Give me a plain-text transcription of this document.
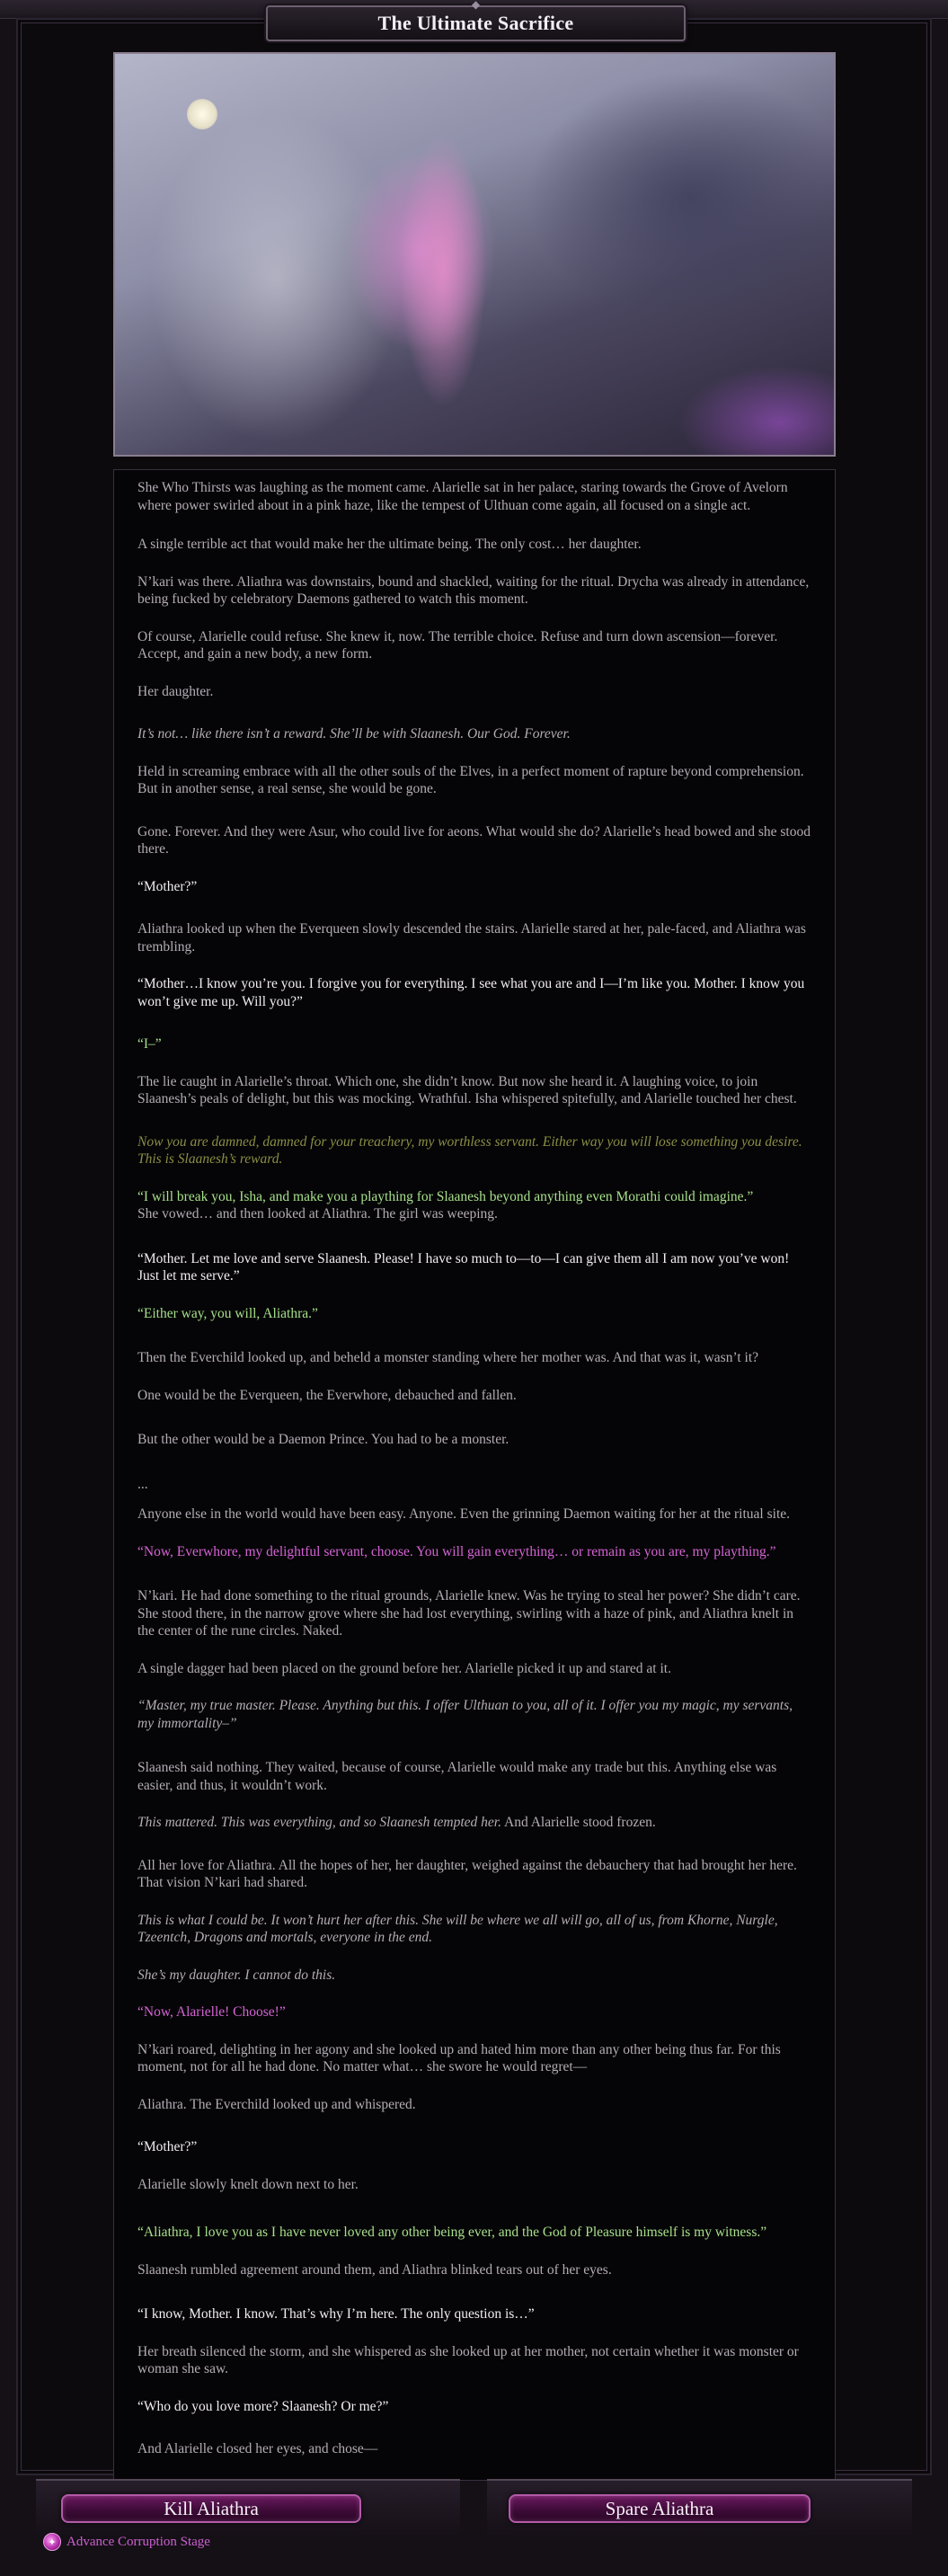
◆
The Ultimate Sacrifice

She Who Thirsts was laughing as the moment came. Alarielle sat in her palace, staring towards the Grove of Avelorn where power swirled about in a pink haze, like the tempest of Ulthuan come again, all focused on a single act.

A single terrible act that would make her the ultimate being. The only cost… her daughter.

N’kari was there. Aliathra was downstairs, bound and shackled, waiting for the ritual. Drycha was already in attendance, being fucked by celebratory Daemons gathered to watch this moment.

Of course, Alarielle could refuse. She knew it, now. The terrible choice. Refuse and turn down ascension—forever. Accept, and gain a new body, a new form.

Her daughter.

It’s not… like there isn’t a reward. She’ll be with Slaanesh. Our God. Forever.

Held in screaming embrace with all the other souls of the Elves, in a perfect moment of rapture beyond comprehension. But in another sense, a real sense, she would be gone.

Gone. Forever. And they were Asur, who could live for aeons. What would she do? Alarielle’s head bowed and she stood there.

“Mother?”

Aliathra looked up when the Everqueen slowly descended the stairs. Alarielle stared at her, pale-faced, and Aliathra was trembling.

“Mother…I know you’re you. I forgive you for everything. I see what you are and I—I’m like you. Mother. I know you won’t give me up. Will you?”

“I–”

The lie caught in Alarielle’s throat. Which one, she didn’t know. But now she heard it. A laughing voice, to join Slaanesh’s peals of delight, but this was mocking. Wrathful. Isha whispered spitefully, and Alarielle touched her chest.

Now you are damned, damned for your treachery, my worthless servant. Either way you will lose something you desire. This is Slaanesh’s reward.

“I will break you, Isha, and make you a plaything for Slaanesh beyond anything even Morathi could imagine.”

She vowed… and then looked at Aliathra. The girl was weeping.

“Mother. Let me love and serve Slaanesh. Please! I have so much to—to—I can give them all I am now you’ve won! Just let me serve.”

“Either way, you will, Aliathra.”

Then the Everchild looked up, and beheld a monster standing where her mother was. And that was it, wasn’t it?

One would be the Everqueen, the Everwhore, debauched and fallen.

But the other would be a Daemon Prince. You had to be a monster.

...

Anyone else in the world would have been easy. Anyone. Even the grinning Daemon waiting for her at the ritual site.

“Now, Everwhore, my delightful servant, choose. You will gain everything… or remain as you are, my plaything.”

N’kari. He had done something to the ritual grounds, Alarielle knew. Was he trying to steal her power? She didn’t care. She stood there, in the narrow grove where she had lost everything, swirling with a haze of pink, and Aliathra knelt in the center of the rune circles. Naked.

A single dagger had been placed on the ground before her. Alarielle picked it up and stared at it.

“Master, my true master. Please. Anything but this. I offer Ulthuan to you, all of it. I offer you my magic, my servants, my immortality–”

Slaanesh said nothing. They waited, because of course, Alarielle would make any trade but this. Anything else was easier, and thus, it wouldn’t work.

This mattered. This was everything, and so Slaanesh tempted her. And Alarielle stood frozen.

All her love for Aliathra. All the hopes of her, her daughter, weighed against the debauchery that had brought her here. That vision N’kari had shared.

This is what I could be. It won’t hurt her after this. She will be where we all will go, all of us, from Khorne, Nurgle, Tzeentch, Dragons and mortals, everyone in the end.

She’s my daughter. I cannot do this.

“Now, Alarielle! Choose!”

N’kari roared, delighting in her agony and she looked up and hated him more than any other being thus far. For this moment, not for all he had done. No matter what… she swore he would regret—

Aliathra. The Everchild looked up and whispered.

“Mother?”

Alarielle slowly knelt down next to her.

“Aliathra, I love you as I have never loved any other being ever, and the God of Pleasure himself is my witness.”

Slaanesh rumbled agreement around them, and Aliathra blinked tears out of her eyes.

“I know, Mother. I know. That’s why I’m here. The only question is…”

Her breath silenced the storm, and she whispered as she looked up at her mother, not certain whether it was monster or woman she saw.

“Who do you love more? Slaanesh? Or me?”

And Alarielle closed her eyes, and chose—

Kill Aliathra	Spare Aliathra
✦ Advance Corruption Stage
